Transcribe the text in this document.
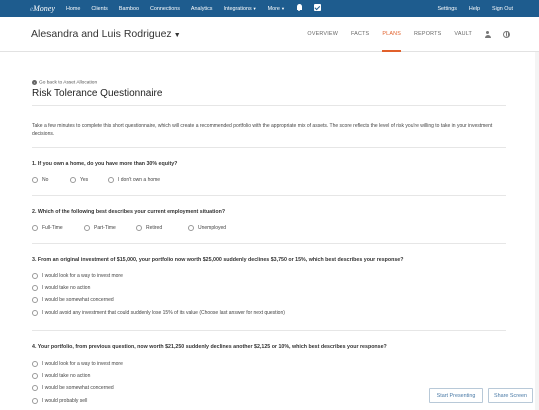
eMoney	Home Clients Bamboo Connections Analytics Integrations▼ More▼	Settings Help Sign Out
Alesandra and Luis Rodriguez ▼	OVERVIEW FACTS PLANS REPORTS VAULT
‹ Go back to Asset Allocation
Risk Tolerance Questionnaire
Take a few minutes to complete this short questionnaire, which will create a recommended portfolio with the appropriate mix of assets. The score reflects the level of risk you're willing to take in your investment decisions.
1. If you own a home, do you have more than 30% equity?
No	Yes	I don't own a home
2. Which of the following best describes your current employment situation?
Full-Time	Part-Time	Retired	Unemployed
3. From an original investment of $15,000, your portfolio now worth $25,000 suddenly declines $3,750 or 15%, which best describes your response?
I would look for a way to invest more
I would take no action
I would be somewhat concerned
I would avoid any investment that could suddenly lose 15% of its value (Choose last answer for next question)
4. Your portfolio, from previous question, now worth $21,250 suddenly declines another $2,125 or 10%, which best describes your response?
I would look for a way to invest more
I would take no action
I would be somewhat concerned
I would probably sell
Start Presenting	Share Screen
